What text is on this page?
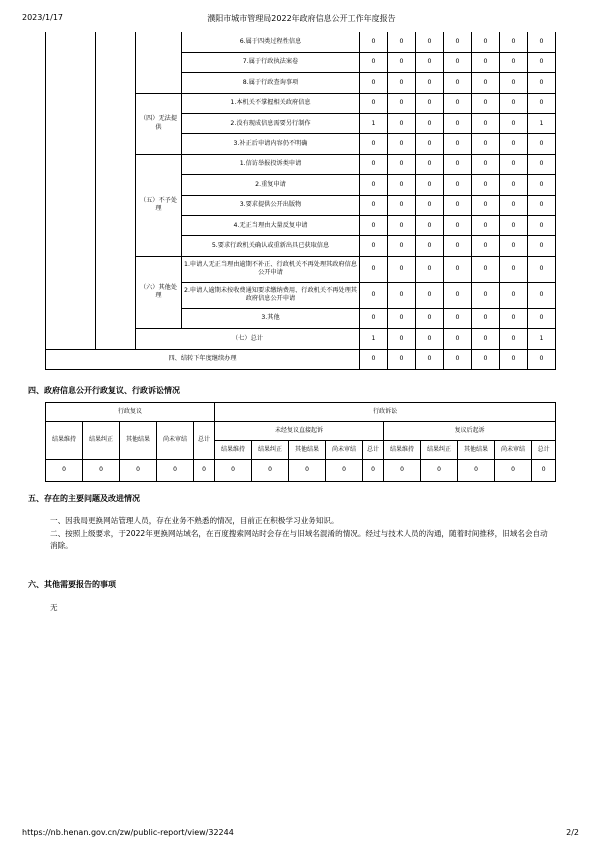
2023/1/17	濮阳市城市管理局2022年政府信息公开工作年度报告
			6.属于四类过程性信息	0	0	0	0	0	0	0
			7.属于行政执法案卷	0	0	0	0	0	0	0
			8.属于行政查询事项	0	0	0	0	0	0	0
		（四）无法提供	1.本机关不掌握相关政府信息	0	0	0	0	0	0	0
			2.没有现成信息需要另行制作	1	0	0	0	0	0	1
			3.补正后申请内容仍不明确	0	0	0	0	0	0	0
		（五）不予处理	1.信访举报投诉类申请	0	0	0	0	0	0	0
			2.重复申请	0	0	0	0	0	0	0
			3.要求提供公开出版物	0	0	0	0	0	0	0
			4.无正当理由大量反复申请	0	0	0	0	0	0	0
			5.要求行政机关确认或重新出具已获取信息	0	0	0	0	0	0	0
		（六）其他处理	1.申请人无正当理由逾期不补正、行政机关不再处理其政府信息公开申请	0	0	0	0	0	0	0
			2.申请人逾期未按收费通知要求缴纳费用、行政机关不再处理其政府信息公开申请	0	0	0	0	0	0	0
			3.其他	0	0	0	0	0	0	0
		（七）总计		1	0	0	0	0	0	1
四、结转下年度继续办理				0	0	0	0	0	0	0
四、政府信息公开行政复议、行政诉讼情况
行政复议					行政诉讼									
结果维持	结果纠正	其他结果	尚未审结	总计	未经复议直接起诉					复议后起诉				
					结果维持	结果纠正	其他结果	尚未审结	总计	结果维持	结果纠正	其他结果	尚未审结	总计
0	0	0	0	0	0	0	0	0	0	0	0	0	0	0
五、存在的主要问题及改进情况
一、因我局更换网站管理人员，存在业务不熟悉的情况，目前正在积极学习业务知识。
二、按照上级要求，于2022年更换网站域名，在百度搜索网站时会存在与旧域名混淆的情况。经过与技术人员的沟通，随着时间推移，旧域名会自动消除。
六、其他需要报告的事项
无
https://nb.henan.gov.cn/zw/public-report/view/32244	2/2
